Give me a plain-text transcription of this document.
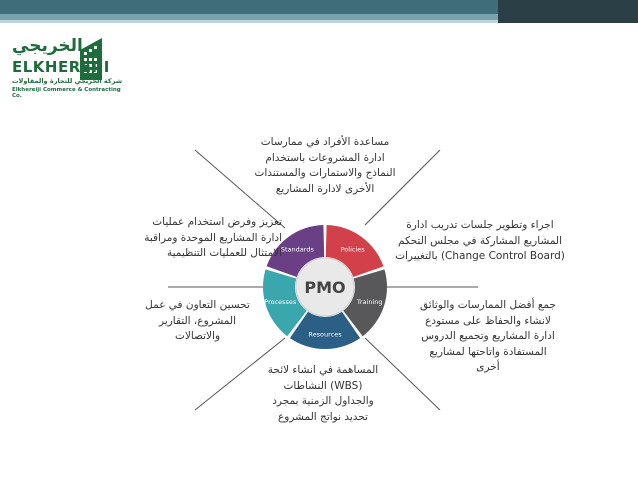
الخريجي
ELKHEREIJI
شركة الخريجي للتجارة والمقاولات
Elkhereiji Commerce & Contracting Co.
Policies
Training
Resources
Processes
Standards
PMO
مساعدة الأفراد في ممارسات
ادارة المشروعات باستخدام
النماذج والاستمارات والمستندات
الأخرى لادارة المشاريع
تعزيز وفرض استخدام عمليات
ادارة المشاريع الموحدة ومراقبة
الامتثال للعمليات التنظيمية
اجراء وتطوير جلسات تدريب ادارة
المشاريع المشاركة في مجلس التحكم
(Change Control Board) بالتغييرات
تحسين التعاون في عمل
المشروع، التقارير
والاتصالات
جمع أفضل الممارسات والوثائق
لانشاء والحفاظ على مستودع
ادارة المشاريع وتجميع الدروس
المستفادة واتاحتها لمشاريع
أخرى
المساهمة في انشاء لائحة
(WBS) النشاطات
والجداول الزمنية بمجرد
تحديد نواتج المشروع
